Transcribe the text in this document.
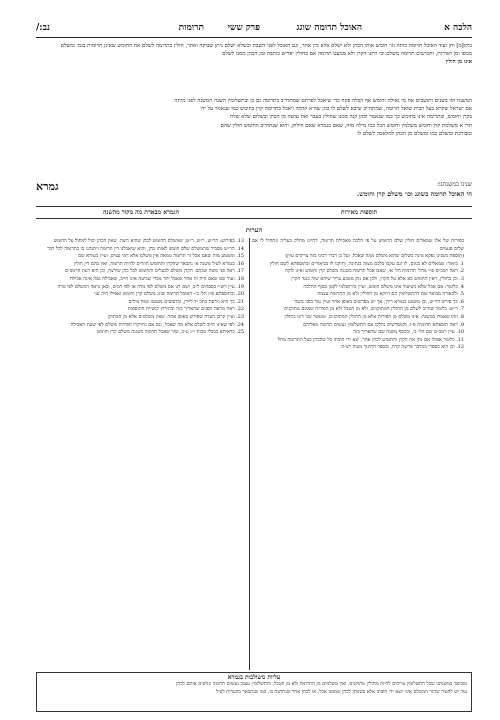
הלכה א
האוכל תרומה שוגג
פרק ששי
תרומות
נב:/

בוקו[מ] וחן ועוד האוכל תרומה כותה וגו׳ חומש אותו הכהן ולא ישלם אלא מין אתר, וגם האוכל לפני השבת וכשלא ישלם ניתן שבוקה ואתר, חולין בתרומה לשלם את החומש שאינן תרומות בגמ׳ ומשלם

מגופו ומן הפירות, וחמישים תרומה משלם וכי ויתנו הקרן ולא ממעט תרומה אם בחולין יפריש כותבה ומן הכהן ממנו לשלם

אינו מן חולין

המשנה הזו בשנים ותושבים אח מי גאולה וחומש אף הכלה פקח כדי שיאכל לפרתם שמתחייב בתרומה גם כן ובתשלומין השגה המשגה לפני מיתה

אם ישראל שקרא בעל הבית שואל תרומה, שמתחייב שיבא לשלם לו כהן שהיא קדמה ויאכל בתרומה קרן בחומש כמו שנאמר על ידו

בקרן וחומש, ובתרומה אינו בחומש כך כמו שנאמר וכהן קנה ממנו שחולין בעבר ואת עושה מן הכהן ובשלום שלא שלח

תרי א משלמת קרן וחומש משלמין וחומש הכל כמו מילה מזה, שאם בגמרא שאם חילוק, והוא שנתחייב החומש חולין שהם

ומבורכת ומשלם כמו ומשלם מן הכהן למלאכה לשלם לו

גמרא	שנינו במשנתנו:
הי האוכל תרומה בשוגג וכו׳ משלם קרן וחומש.
תוספות מאירות
הגמרא מבארת מה מקור מהשנה
הערות

כפירות של אלו שמאלים חולין שלם החומש על פי הלכה מאכילת תרומה, דהיינו מחלק בעליה ונתחיל לו אם שלום פעמים

(תוספת בשנינו נפקא מינה בשלום שהוא משלם ממה שאכל, ועל כן דברי רבינו בזה צריכים עיון)

1. ביאור: שמאלים לא בגוזם, לו וגם עקבו בלבם מצוה בנתינה, ותיקנו לו בביאורים ובתוספתא לשם חולין

2. ראה רמב״ם פ״י מהל׳ תרומות הל׳ א׳, שאם אכל תרומה בשגגה משלם קרן וחומש ואינו לוקה

3. וכן בחולין, דאין החומש בא אלא על הקרן, ולכן אם נתן מטבע צריך שיהא שוה כנגד הקרן

4. כלומר: אם אכל שלא כשיעור אינו משלם חומש, ועיין בירושלמי לקמן בסוף ההלכה

5. ולכאורה מבואר שם דהתשלומין הם דווקא מן החולין ולא מן התרומה עצמה

6. כך פירש הר״ש, וכן משמע בגמרא דידן, אך יש מפרשים באופן אחר ועיין עוד בפני משה

7. ר״ש: כלומר שחייב לשלם מן החולין המתוקנים, ולא מן הטבל ולא מן הפירות שאינם מתוקנים

8. וזהו שאמרו במשנה: אינו משלם מן הפירות אלא מן החולין המתוקנים, ומעשר שני דינו כחולין

9. ראה תוספתא תרומות פ״ז, והמפרשים נחלקו אם התשלומין נעשים תרומה מאליהם

10. עיין רמב״ם שם הל׳ ב׳, ובכסף משנה שם שהאריך בזה

11. כלומר אפילו אם נתן את הקרן והחומש לכהן אחר, יצא ידי חובתו כל שהכהן בעל התרומה מחל

12. וכן הוא בספרי במדבר פרשת קרח, ובספר החינוך מצוה רצ״ח

13. בפירוש: הר״ש, ר״ש, ר״ש, שמשלם החומש לכהן שהוא רוצה, שאין הכהן יכול למחול על החומש

14. הר״ש מסביר שהמשלם שלם חומש לאותו כהן, והוא שיאכלנו דין תרומה ויתנהגו בו כתרומה לכל דבר

15. ומשמע מזה שאם אכל זר תרומה טמאה אין משלם אלא דמי עצים, ועיין בגמרא שם

16. בגמרא לעיל משנה א׳ נתבאר שהקרן והחומש חוזרים להיות תרומה, ואין בהם דין חולין

17. ראה פני משה שכתב: הקרן משלם לבעלים והחומש לכל כהן שירצה, וכן היא דעת הרמב״ם

18. ועוד שם שאם היה זה אחר שאכל יתר מכדי שביעה אינו חייב, שאכילה גסה אינה אכילה

19. עיין רש״י בפסחים ל״ב, ושם דנו אם משלם לפי מדה או לפי דמים, וכאן נראה דמשלם לפי מדה

20. ובתוספתא פ״ז הל׳ ב׳: האוכל תרומה שוגג משלם קרן וחומש ואפילו היה עני

21. כך היא גירסת כתב יד ליידן, ובדפוסים נשמטו כמה מילים

22. ראה מראה הפנים שהאריך בזה ובתירוץ קושיית התוספות

23. ועיין קרבן העדה שפירש באופן אחר: שאין משלמים אלא מן המתוקן

24. לפי שאינו חייב לשלם אלא מה שאכל, וגם אם נתייקרו הפירות משלם לפי שעת האכילה

25. כדאיתא בבבלי מכות י״ג ע״ב, שזר שאכל תרומה בשגגה משלם קרן וחומש

עליות משולבות בגמרא

ומבואר במשנתנו שכל התשלומין צריכים להיות מחולין מתוקנים, ואין משלמים מן התרומה ולא מן הטבל, והתשלומין עצמן נעשים תרומה ונותנים אותם לכהן

עוד יש להעיר שהזר המשלם אינו יוצא ידי חובתו אלא כשנותן לכהן שממנו אכל, או לכהן אחר שנתרצה בו, כמו שנתבאר בהערות לעיל
